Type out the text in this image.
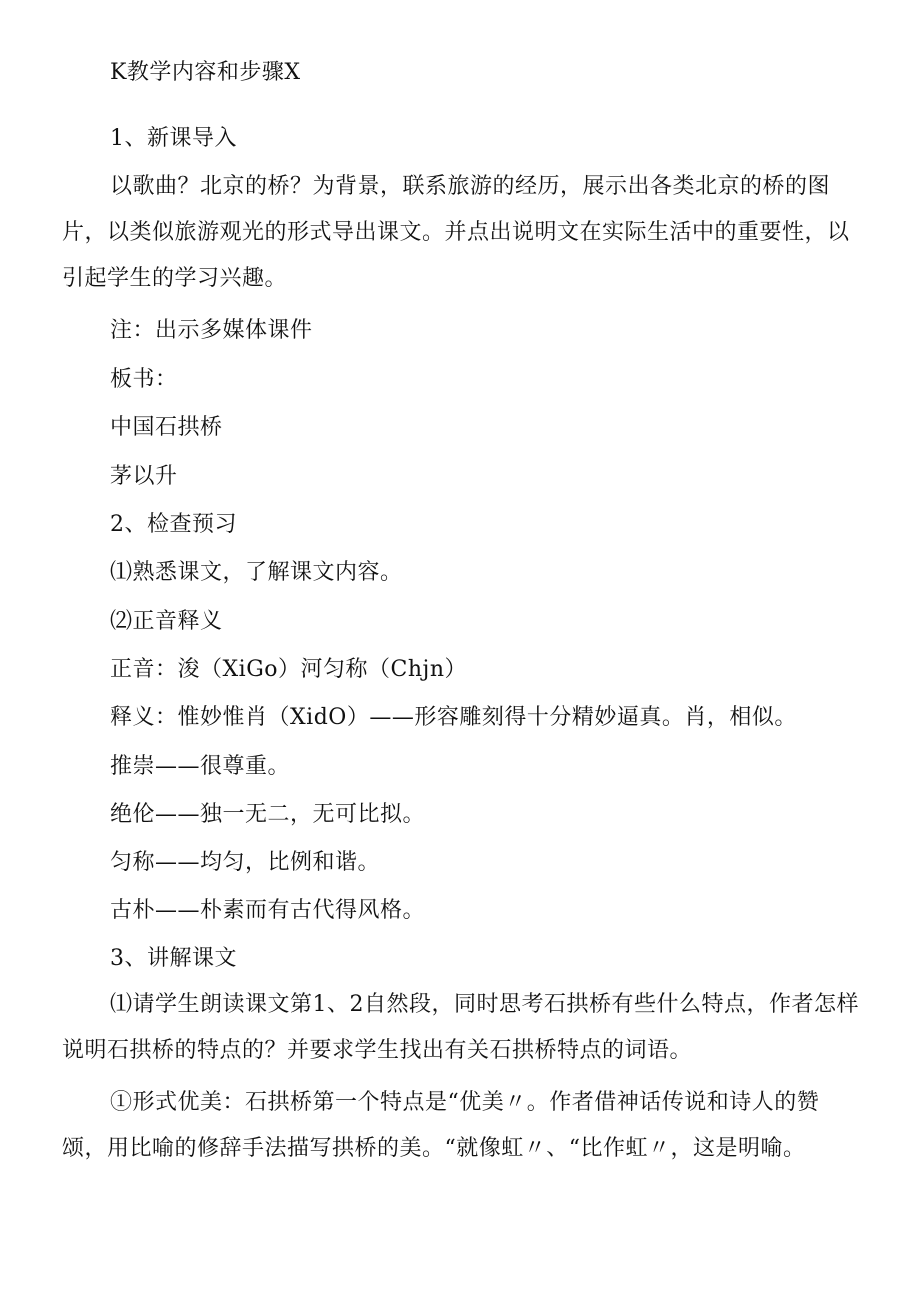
K教学内容和步骤X
1、新课导入

以歌曲？北京的桥？为背景，联系旅游的经历，展示出各类北京的桥的图片，以类似旅游观光的形式导出课文。并点出说明文在实际生活中的重要性，以引起学生的学习兴趣。

注：出示多媒体课件
板书：
中国石拱桥
茅以升
2、检查预习
⑴熟悉课文，了解课文内容。
⑵正音释义
正音：浚（XiGo）河匀称（Chjn）
释义：惟妙惟肖（XidO）——形容雕刻得十分精妙逼真。肖，相似。
推崇——很尊重。
绝伦——独一无二，无可比拟。
匀称——均匀，比例和谐。
古朴——朴素而有古代得风格。
3、讲解课文

⑴请学生朗读课文第1、2自然段，同时思考石拱桥有些什么特点，作者怎样说明石拱桥的特点的？并要求学生找出有关石拱桥特点的词语。

①形式优美：石拱桥第一个特点是“优美〃。作者借神话传说和诗人的赞颂，用比喻的修辞手法描写拱桥的美。“就像虹〃、“比作虹〃，这是明喻。
